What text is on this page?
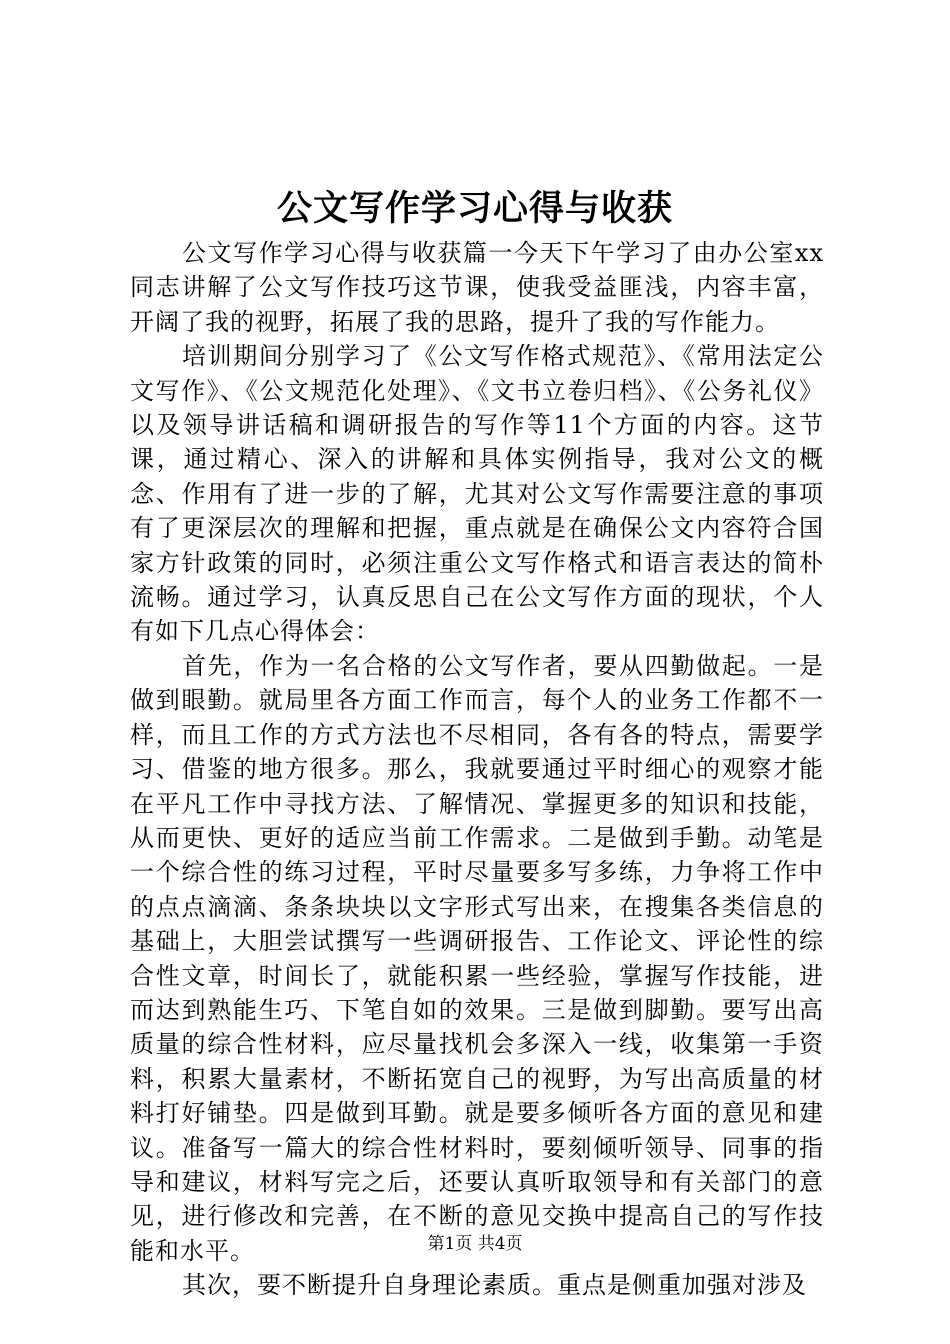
公文写作学习心得与收获

公文写作学习心得与收获篇一今天下午学习了由办公室xx同志讲解了公文写作技巧这节课，使我受益匪浅，内容丰富，开阔了我的视野，拓展了我的思路，提升了我的写作能力。

培训期间分别学习了《公文写作格式规范》、《常用法定公文写作》、《公文规范化处理》、《文书立卷归档》、《公务礼仪》以及领导讲话稿和调研报告的写作等11个方面的内容。这节课，通过精心、深入的讲解和具体实例指导，我对公文的概念、作用有了进一步的了解，尤其对公文写作需要注意的事项有了更深层次的理解和把握，重点就是在确保公文内容符合国家方针政策的同时，必须注重公文写作格式和语言表达的简朴流畅。通过学习，认真反思自己在公文写作方面的现状，个人有如下几点心得体会：

首先，作为一名合格的公文写作者，要从四勤做起。一是做到眼勤。就局里各方面工作而言，每个人的业务工作都不一样，而且工作的方式方法也不尽相同，各有各的特点，需要学习、借鉴的地方很多。那么，我就要通过平时细心的观察才能在平凡工作中寻找方法、了解情况、掌握更多的知识和技能，从而更快、更好的适应当前工作需求。二是做到手勤。动笔是一个综合性的练习过程，平时尽量要多写多练，力争将工作中的点点滴滴、条条块块以文字形式写出来，在搜集各类信息的基础上，大胆尝试撰写一些调研报告、工作论文、评论性的综合性文章，时间长了，就能积累一些经验，掌握写作技能，进而达到熟能生巧、下笔自如的效果。三是做到脚勤。要写出高质量的综合性材料，应尽量找机会多深入一线，收集第一手资料，积累大量素材，不断拓宽自己的视野，为写出高质量的材料打好铺垫。四是做到耳勤。就是要多倾听各方面的意见和建议。准备写一篇大的综合性材料时，要刻倾听领导、同事的指导和建议，材料写完之后，还要认真听取领导和有关部门的意见，进行修改和完善，在不断的意见交换中提高自己的写作技能和水平。

其次，要不断提升自身理论素质。重点是侧重加强对涉及

第1页 共4页
